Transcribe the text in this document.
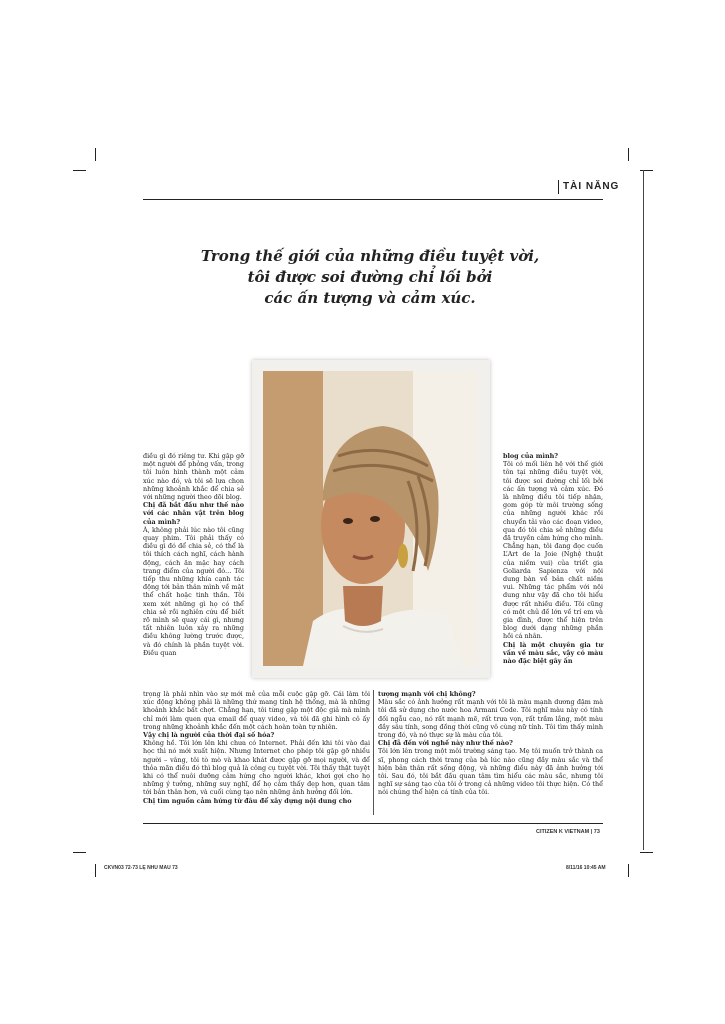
TÀI NĂNG
Trong thế giới của những điều tuyệt vời,
tôi được soi đường chỉ lối bởi
các ấn tượng và cảm xúc.

điều gì đó riêng tư. Khi gặp gỡ một người để phỏng vấn, trong tôi luôn hình thành một cảm xúc nào đó, và tôi sẽ lựa chọn những khoảnh khắc để chia sẻ với những người theo dõi blog.

Chị đã bắt đầu như thế nào với các nhân vật trên blog của mình?

À, không phải lúc nào tôi cũng quay phim. Tôi phải thấy có điều gì đó để chia sẻ, có thể là tôi thích cách nghĩ, cách hành động, cách ăn mặc hay cách trang điểm của người đó… Tôi tiếp thu những khía cạnh tác động tới bản thân mình về mặt thể chất hoặc tinh thần. Tôi xem xét những gì họ có thể chia sẻ rồi nghiên cứu để biết rõ mình sẽ quay cái gì, nhưng tất nhiên luôn xảy ra những điều không lường trước được, và đó chính là phần tuyệt vời. Điều quan

blog của mình?

Tôi có mối liên hệ với thế giới tôn tại những điều tuyệt vời, tôi được soi đường chỉ lối bởi các ấn tượng và cảm xúc. Đó là những điều tôi tiếp nhận, gom góp từ môi trường sống của những người khác rồi chuyển tải vào các đoạn video, qua đó tôi chia sẻ những điều đã truyền cảm hứng cho mình. Chẳng hạn, tôi đang đọc cuốn L’Art de la Joie (Nghệ thuật của niềm vui) của triết gia Goliarda Sapienza với nội dung bàn về bản chất niềm vui. Những tác phẩm với nội dung như vậy đã cho tôi hiểu được rất nhiều điều. Tôi cũng có một chủ đề lớn về trí em và gia đình, được thể hiện trên blog dưới dạng những phần hồi cá nhân.

Chị là một chuyên gia tư vấn về màu sắc, vậy có màu nào đặc biệt gây ấn

trọng là phải nhìn vào sự mới mẻ của mỗi cuộc gặp gỡ. Cái làm tôi xúc động không phải là những thứ mang tính hệ thống, mà là những khoảnh khắc bất chợt. Chẳng hạn, tôi từng gặp một độc giả mà mình chỉ mới làm quen qua email để quay video, và tôi đã ghi hình cô ấy trong những khoảnh khắc đến một cách hoàn toàn tự nhiên.

Vậy chị là người của thời đại số hóa?

Không hề. Tôi lớn lên khi chưa có Internet. Phải đến khi tôi vào đại học thì nó mới xuất hiện. Nhưng Internet cho phép tôi gặp gỡ nhiều người – vâng, tôi tò mò và khao khát được gặp gỡ mọi người, và để thỏa mãn điều đó thì blog quả là công cụ tuyệt vời. Tôi thấy thật tuyệt khi có thể nuôi dưỡng cảm hứng cho người khác, khơi gợi cho họ những ý tưởng, những suy nghĩ, để họ cảm thấy đẹp hơn, quan tâm tới bản thân hơn, và cuối cùng tạo nên những ảnh hưởng đối lớn.

Chị tìm nguồn cảm hứng từ đâu để xây dựng nội dung cho

tượng mạnh với chị không?

Màu sắc có ảnh hưởng rất mạnh với tôi là màu mạnh dương đậm mà tôi đã sử dụng cho nước hoa Armani Code. Tôi nghĩ màu này có tính đối ngẫu cao, nó rất mạnh mẽ, rất trưa vọn, rất trầm lắng, một màu đầy sâu tính, song đồng thời cũng vô cùng nữ tính. Tôi tìm thấy mình trong đó, và nó thực sự là màu của tôi.

Chị đã đến với nghề này như thế nào?

Tôi lớn lên trong một môi trường sáng tạo. Mẹ tôi muốn trở thành ca sĩ, phong cách thời trang của bà lúc nào cũng đầy màu sắc và thể hiện bản thân rất sống động, và những điều này đã ảnh hưởng tới tôi. Sau đó, tôi bắt đầu quan tâm tìm hiểu các màu sắc, nhưng tôi nghĩ sự sáng tạo của tôi ở trong cả những video tôi thực hiện. Có thể nói chúng thể hiện cá tính của tôi.

CITIZEN K VIETNAM | 73
CKVN03 72-73 LẸ NHU MAU 73	8/11/16 10:45 AM
